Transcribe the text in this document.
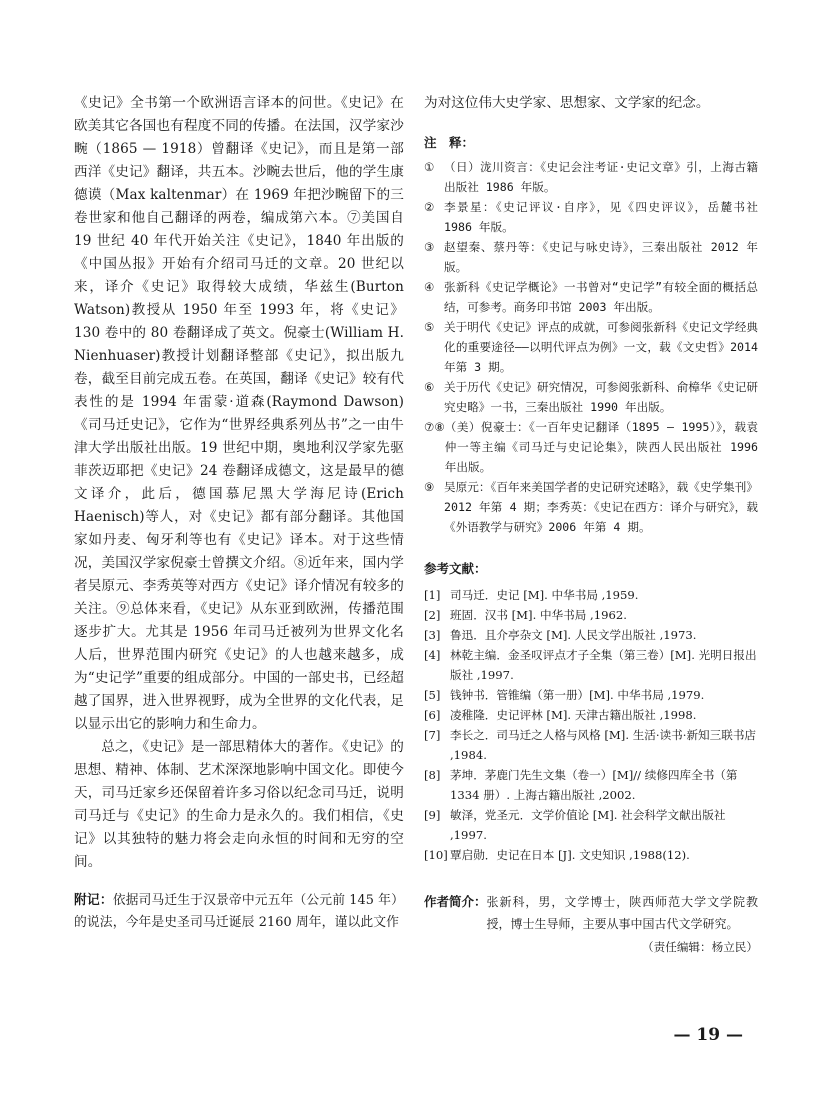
《史记》全书第一个欧洲语言译本的问世。《史记》在欧美其它各国也有程度不同的传播。在法国，汉学家沙畹（1865 — 1918）曾翻译《史记》，而且是第一部西洋《史记》翻译，共五本。沙畹去世后，他的学生康德谟（Max kaltenmar）在 1969 年把沙畹留下的三卷世家和他自己翻译的两卷，编成第六本。⑦美国自 19 世纪 40 年代开始关注《史记》，1840 年出版的《中国丛报》开始有介绍司马迁的文章。20 世纪以来，译介《史记》取得较大成绩，华兹生(Burton Watson)教授从 1950 年至 1993 年，将《史记》130 卷中的 80 卷翻译成了英文。倪豪士(William H. Nienhuaser)教授计划翻译整部《史记》，拟出版九卷，截至目前完成五卷。在英国，翻译《史记》较有代表性的是 1994 年雷蒙·道森(Raymond Dawson)《司马迁史记》，它作为“世界经典系列丛书”之一由牛津大学出版社出版。19 世纪中期，奥地利汉学家先驱菲茨迈耶把《史记》24 卷翻译成德文，这是最早的德文译介，此后，德国慕尼黑大学海尼诗(Erich Haenisch)等人，对《史记》都有部分翻译。其他国家如丹麦、匈牙利等也有《史记》译本。对于这些情况，美国汉学家倪豪士曾撰文介绍。⑧近年来，国内学者吴原元、李秀英等对西方《史记》译介情况有较多的关注。⑨总体来看，《史记》从东亚到欧洲，传播范围逐步扩大。尤其是 1956 年司马迁被列为世界文化名人后，世界范围内研究《史记》的人也越来越多，成为“史记学”重要的组成部分。中国的一部史书，已经超越了国界，进入世界视野，成为全世界的文化代表，足以显示出它的影响力和生命力。

总之，《史记》是一部思精体大的著作。《史记》的思想、精神、体制、艺术深深地影响中国文化。即使今天，司马迁家乡还保留着许多习俗以纪念司马迁，说明司马迁与《史记》的生命力是永久的。我们相信，《史记》以其独特的魅力将会走向永恒的时间和无穷的空间。

附记：依据司马迁生于汉景帝中元五年（公元前 145 年）的说法，今年是史圣司马迁诞辰 2160 周年，谨以此文作

为对这位伟大史学家、思想家、文学家的纪念。

注　释：
① （日）泷川资言：《史记会注考证·史记文章》引，上海古籍出版社 1986 年版。
② 李景星：《史记评议·自序》，见《四史评议》，岳麓书社 1986 年版。
③ 赵望秦、蔡丹等：《史记与咏史诗》，三秦出版社 2012 年版。
④ 张新科《史记学概论》一书曾对“史记学”有较全面的概括总结，可参考。商务印书馆 2003 年出版。
⑤ 关于明代《史记》评点的成就，可参阅张新科《史记文学经典化的重要途径——以明代评点为例》一文，载《文史哲》2014 年第 3 期。
⑥ 关于历代《史记》研究情况，可参阅张新科、俞樟华《史记研究史略》一书，三秦出版社 1990 年出版。
⑦⑧ （美）倪豪士：《一百年史记翻译（1895 — 1995）》，载袁仲一等主编《司马迁与史记论集》，陕西人民出版社 1996 年出版。
⑨ 吴原元：《百年来美国学者的史记研究述略》，载《史学集刊》2012 年第 4 期；李秀英：《史记在西方：译介与研究》，载《外语教学与研究》2006 年第 4 期。
参考文献：
[1] 司马迁．史记 [M]. 中华书局 ,1959.
[2] 班固．汉书 [M]. 中华书局 ,1962.
[3] 鲁迅．且介亭杂文 [M]. 人民文学出版社 ,1973.
[4] 林乾主编．金圣叹评点才子全集（第三卷）[M]. 光明日报出版社 ,1997.
[5] 钱钟书．管锥编（第一册）[M]. 中华书局 ,1979.
[6] 凌稚隆．史记评林 [M]. 天津古籍出版社 ,1998.
[7] 李长之．司马迁之人格与风格 [M]. 生活·读书·新知三联书店 ,1984.
[8] 茅坤．茅鹿门先生文集（卷一）[M]// 续修四库全书（第 1334 册）. 上海古籍出版社 ,2002.
[9] 敏泽，党圣元．文学价值论 [M]. 社会科学文献出版社 ,1997.
[10] 覃启勋．史记在日本 [J]. 文史知识 ,1988(12).
作者简介： 张新科，男，文学博士，陕西师范大学文学院教授，博士生导师，主要从事中国古代文学研究。
（责任编辑：杨立民）
— 19 —
